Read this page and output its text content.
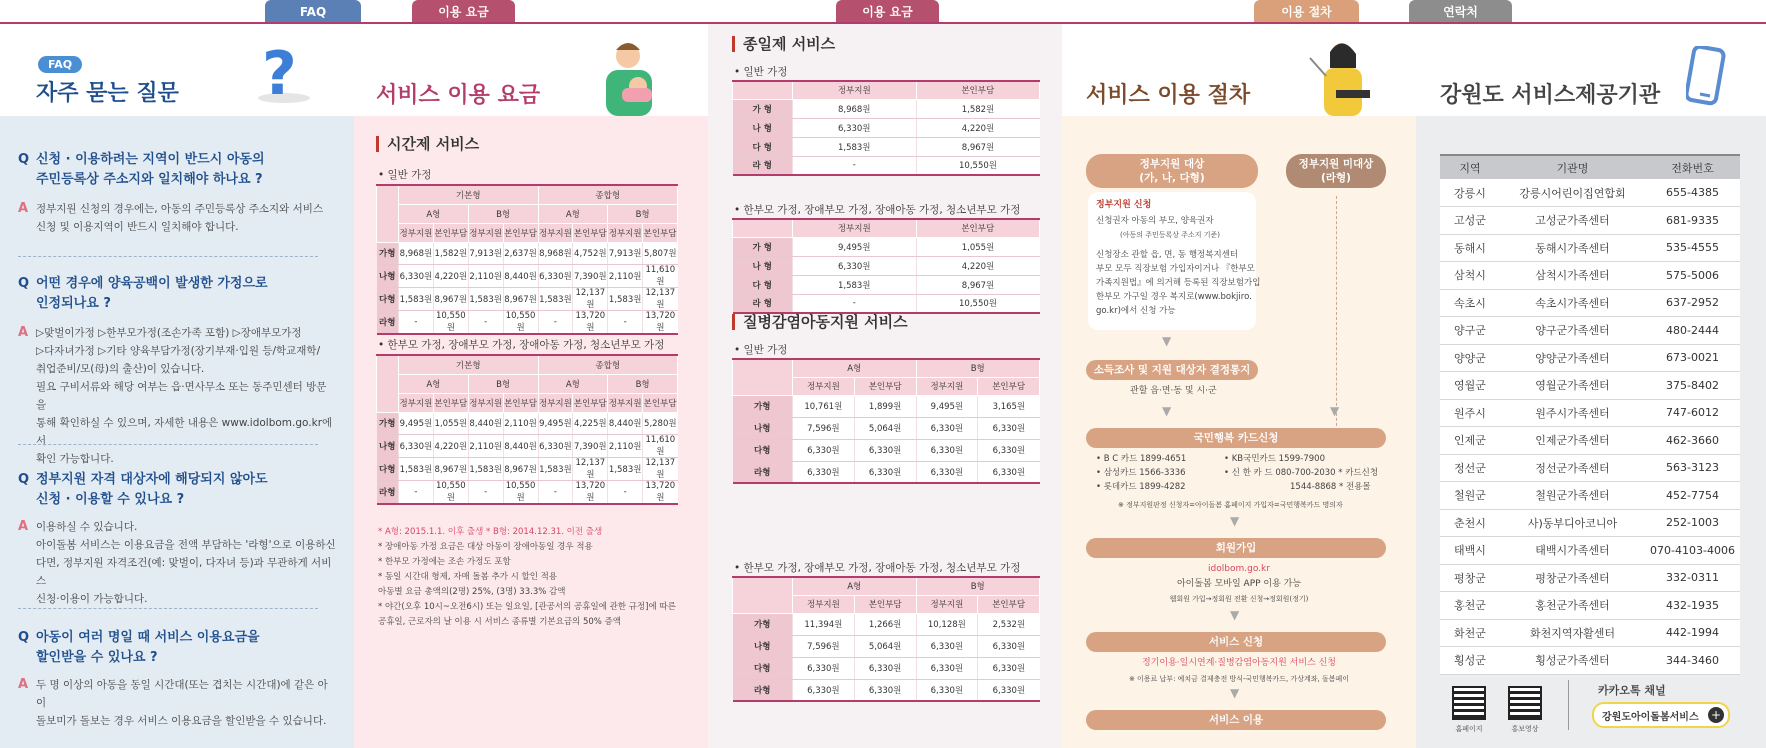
FAQ	이용 요금	이용 요금	이용 절차	연락처
FAQ
자주 묻는 질문 ?
Q 신청 · 이용하려는 지역이 반드시 아동의
주민등록상 주소지와 일치해야 하나요 ?
A 정부지원 신청의 경우에는, 아동의 주민등록상 주소지와 서비스
신청 및 이용지역이 반드시 일치해야 합니다.
Q 어떤 경우에 양육공백이 발생한 가정으로
인정되나요 ?
A ▷맞벌이가정 ▷한부모가정(조손가족 포함) ▷장애부모가정
▷다자녀가정 ▷기타 양육부담가정(장기부재·입원 등/학교재학/
취업준비/모(母)의 출산)이 있습니다.
필요 구비서류와 해당 여부는 읍·면사무소 또는 동주민센터 방문을
통해 확인하실 수 있으며, 자세한 내용은 www.idolbom.go.kr에서
확인 가능합니다.
Q 정부지원 자격 대상자에 해당되지 않아도
신청 · 이용할 수 있나요 ?
A 이용하실 수 있습니다.
아이돌봄 서비스는 이용요금을 전액 부담하는 '라형'으로 이용하신
다면, 정부지원 자격조건(예: 맞벌이, 다자녀 등)과 무관하게 서비스
신청·이용이 가능합니다.
Q 아동이 여러 명일 때 서비스 이용요금을
할인받을 수 있나요 ?
A 두 명 이상의 아동을 동일 시간대(또는 겹치는 시간대)에 같은 아이
돌보미가 돌보는 경우 서비스 이용요금을 할인받을 수 있습니다.
서비스 이용 요금
시간제 서비스
• 일반 가정
	기본형				종합형			
	A형		B형		A형		B형	
	정부지원	본인부담	정부지원	본인부담	정부지원	본인부담	정부지원	본인부담
가형	8,968원	1,582원	7,913원	2,637원	8,968원	4,752원	7,913원	5,807원
나형	6,330원	4,220원	2,110원	8,440원	6,330원	7,390원	2,110원	11,610원
다형	1,583원	8,967원	1,583원	8,967원	1,583원	12,137원	1,583원	12,137원
라형	-	10,550원	-	10,550원	-	13,720원	-	13,720원
• 한부모 가정, 장애부모 가정, 장애아동 가정, 청소년부모 가정
	기본형				종합형			
	A형		B형		A형		B형	
	정부지원	본인부담	정부지원	본인부담	정부지원	본인부담	정부지원	본인부담
가형	9,495원	1,055원	8,440원	2,110원	9,495원	4,225원	8,440원	5,280원
나형	6,330원	4,220원	2,110원	8,440원	6,330원	7,390원	2,110원	11,610원
다형	1,583원	8,967원	1,583원	8,967원	1,583원	12,137원	1,583원	12,137원
라형	-	10,550원	-	10,550원	-	13,720원	-	13,720원
* A형: 2015.1.1. 이후 출생 * B형: 2014.12.31. 이전 출생
* 장애아동 가정 요금은 대상 아동이 장애아동일 경우 적용
* 한부모 가정에는 조손 가정도 포함
* 동일 시간대 형제, 자매 돌봄 추가 시 할인 적용
아동별 요금 총액의(2명) 25%, (3명) 33.3% 감액
* 야간(오후 10시~오전6시) 또는 일요일, [관공서의 공휴일에 관한 규정]에 따른
공휴일, 근로자의 날 이용 시 서비스 종류별 기본요금의 50% 증액
종일제 서비스
• 일반 가정
	정부지원	본인부담
가 형	8,968원	1,582원
나 형	6,330원	4,220원
다 형	1,583원	8,967원
라 형	-	10,550원
• 한부모 가정, 장애부모 가정, 장애아동 가정, 청소년부모 가정
	정부지원	본인부담
가 형	9,495원	1,055원
나 형	6,330원	4,220원
다 형	1,583원	8,967원
라 형	-	10,550원
질병감염아동지원 서비스
• 일반 가정
	A형		B형	
	정부지원	본인부담	정부지원	본인부담
가형	10,761원	1,899원	9,495원	3,165원
나형	7,596원	5,064원	6,330원	6,330원
다형	6,330원	6,330원	6,330원	6,330원
라형	6,330원	6,330원	6,330원	6,330원
• 한부모 가정, 장애부모 가정, 장애아동 가정, 청소년부모 가정
	A형		B형	
	정부지원	본인부담	정부지원	본인부담
가형	11,394원	1,266원	10,128원	2,532원
나형	7,596원	5,064원	6,330원	6,330원
다형	6,330원	6,330원	6,330원	6,330원
라형	6,330원	6,330원	6,330원	6,330원
서비스 이용 절차
정부지원 대상
(가, 나, 다형)
정부지원 미대상
(라형)
정부지원 신청
신청권자 아동의 부모, 양육권자
(아동의 주민등록상 주소지 기준)
신청장소 관할 읍, 면, 동 행정복지센터
부모 모두 직장보험 가입자이거나 『한부모
가족지원법』에 의거해 등록된 직장보험가입
한부모 가구일 경우 복지로(www.bokjiro.
go.kr)에서 신청 가능
▼
소득조사 및 지원 대상자 결정통지
관할 읍·면·동 및 시·군
▼	▼
국민행복 카드신청
• B C 카드 1899-4651
• 삼성카드 1566-3336
• 롯데카드 1899-4282
• KB국민카드 1599-7900
• 신 한 카 드 080-700-2030 * 카드신청
1544-8868 * 전용몰
※ 정부지원판정 신청자=아이돌봄 홈페이지 가입자=국민행복카드 명의자
▼
회원가입
idolbom.go.kr
아이돌봄 모바일 APP 이용 가능
웹회원 가입→정회원 전환 신청→정회원(정기)
▼
서비스 신청
정기이용·일시연계·질병감염아동지원 서비스 신청
※ 이용료 납부: 예치금 결제충전 방식-국민행복카드, 가상계좌, 돌봄페이
▼
서비스 이용
강원도 서비스제공기관
지역	기관명	전화번호
강릉시	강릉시어린이집연합회	655-4385
고성군	고성군가족센터	681-9335
동해시	동해시가족센터	535-4555
삼척시	삼척시가족센터	575-5006
속초시	속초시가족센터	637-2952
양구군	양구군가족센터	480-2444
양양군	양양군가족센터	673-0021
영월군	영월군가족센터	375-8402
원주시	원주시가족센터	747-6012
인제군	인제군가족센터	462-3660
정선군	정선군가족센터	563-3123
철원군	철원군가족센터	452-7754
춘천시	사)동부디아코니아	252-1003
태백시	태백시가족센터	070-4103-4006
평창군	평창군가족센터	332-0311
홍천군	홍천군가족센터	432-1935
화천군	화천지역자활센터	442-1994
횡성군	횡성군가족센터	344-3460
홈페이지	홍보영상
카카오톡 채널
강원도아이돌봄서비스 +
